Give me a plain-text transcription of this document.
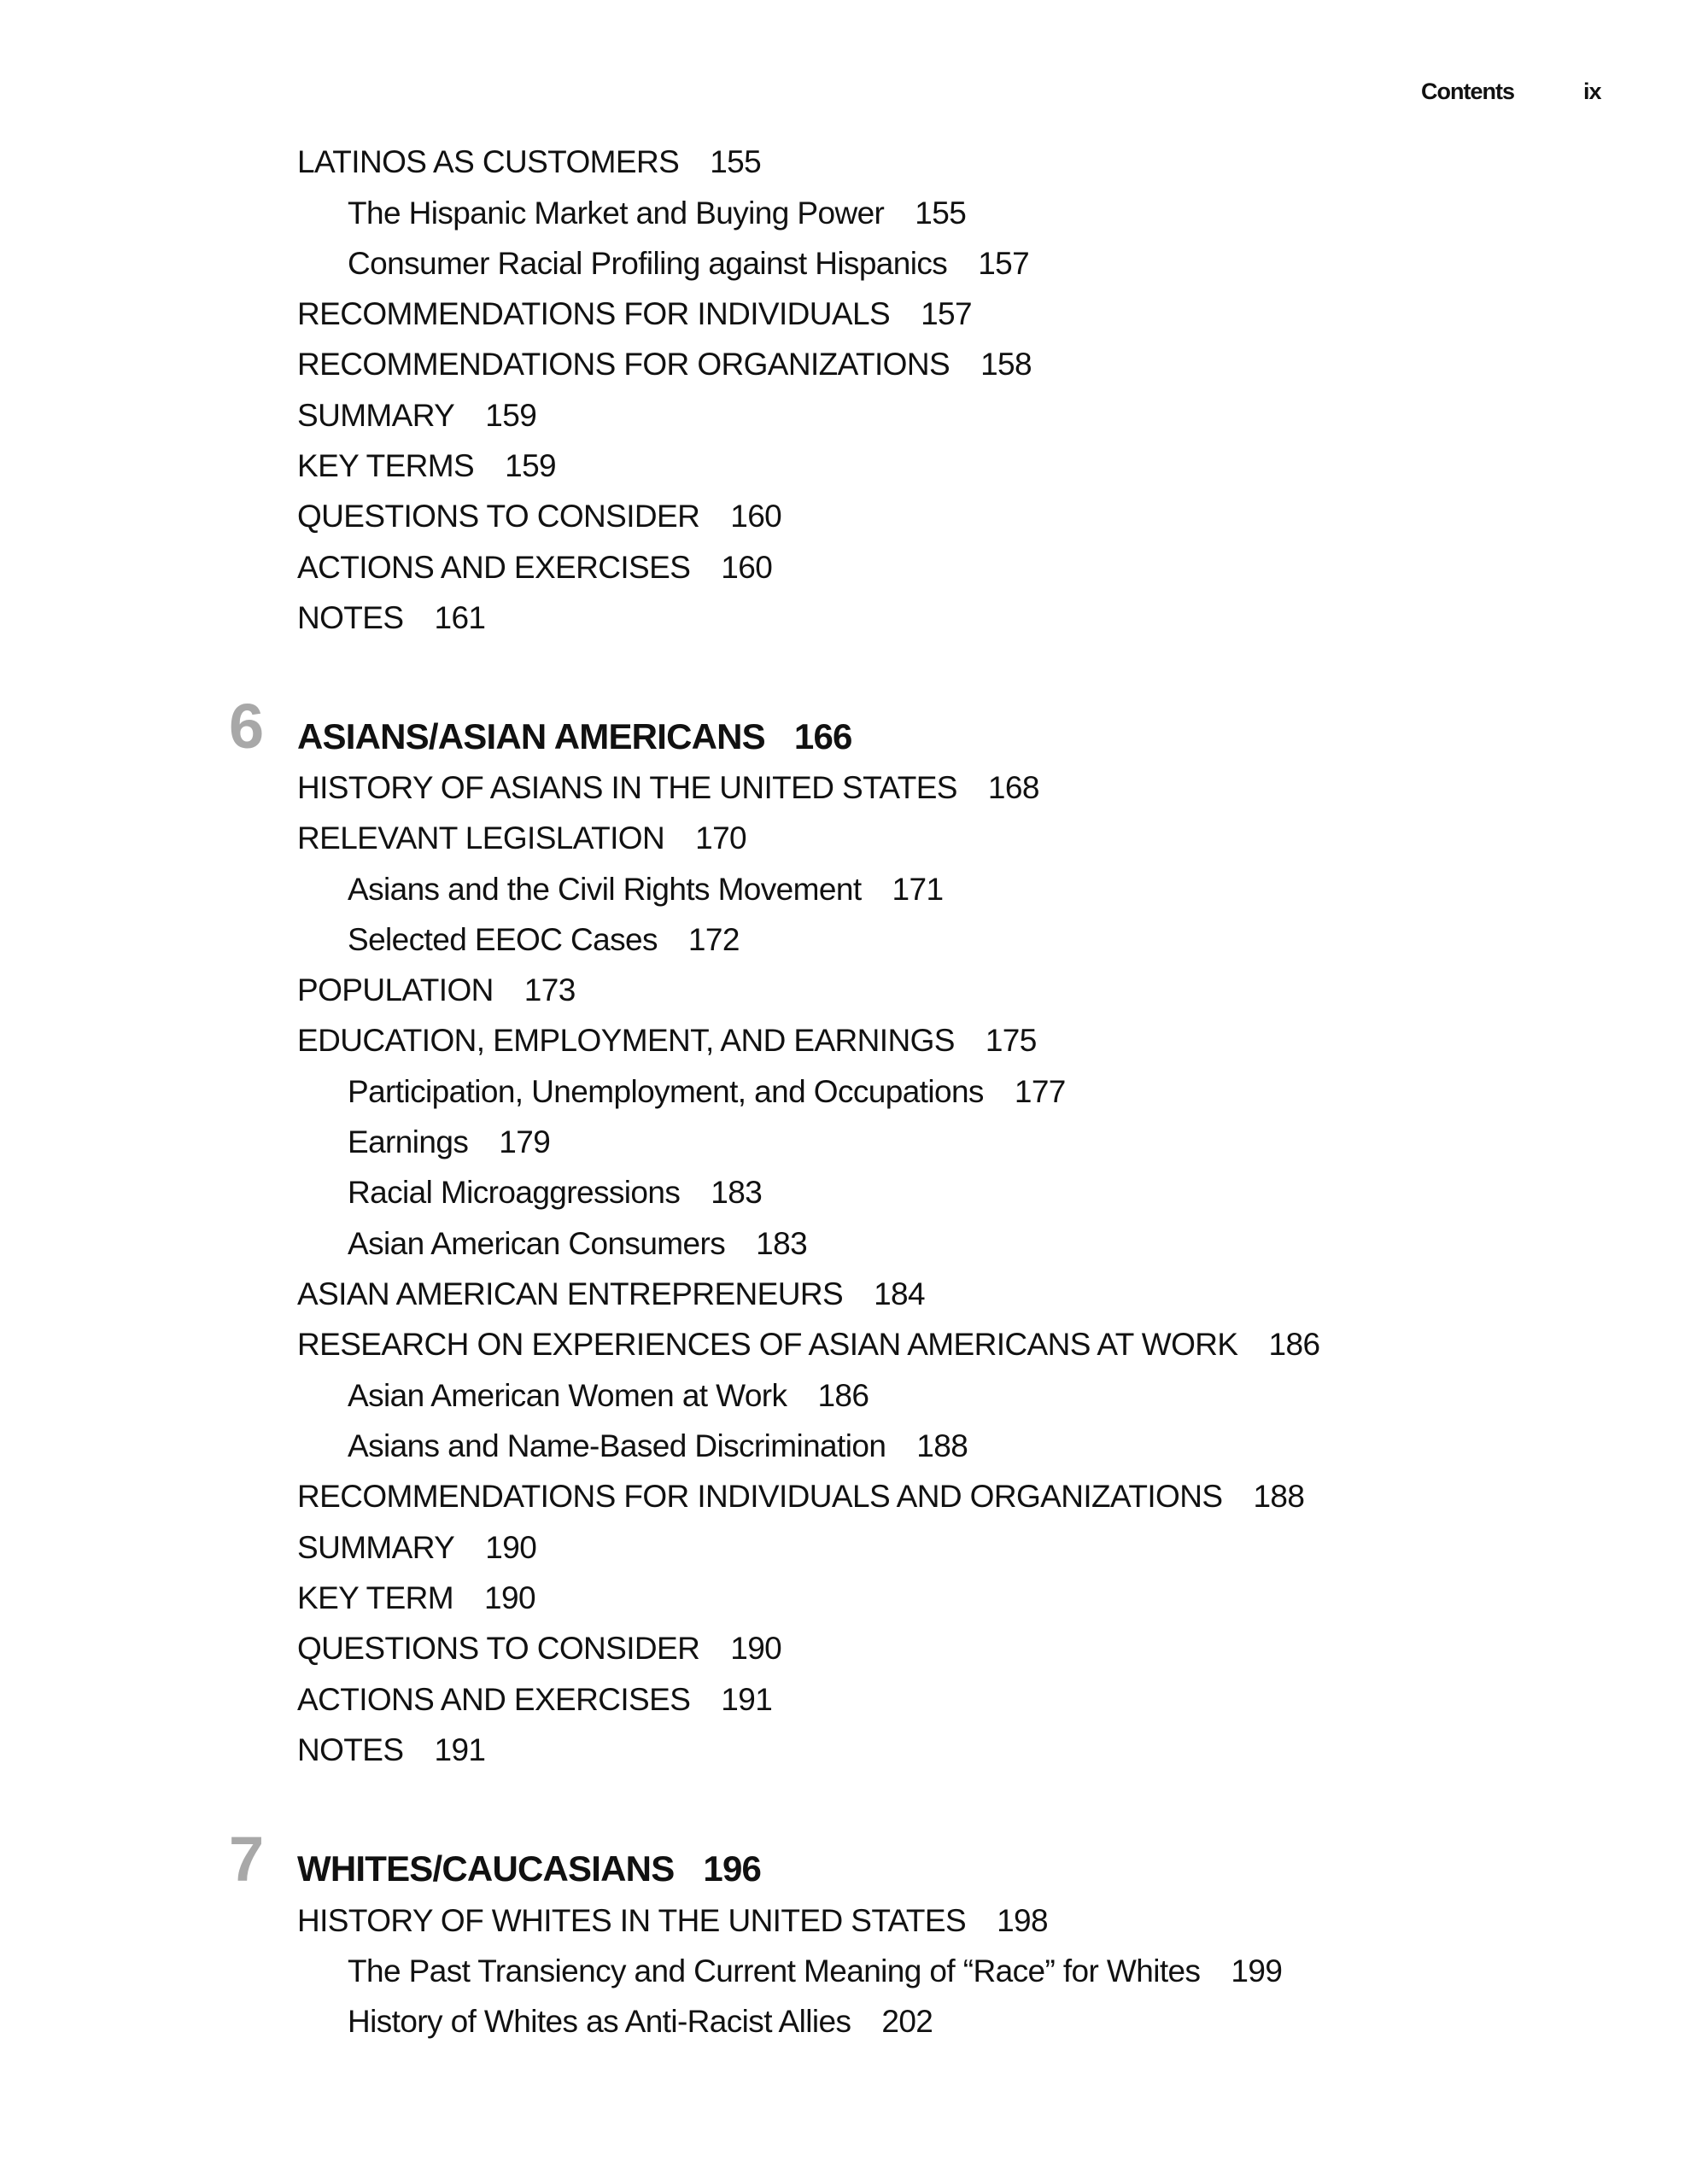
Contents	ix
LATINOS AS CUSTOMERS 155
The Hispanic Market and Buying Power 155
Consumer Racial Profiling against Hispanics 157
RECOMMENDATIONS FOR INDIVIDUALS 157
RECOMMENDATIONS FOR ORGANIZATIONS 158
SUMMARY 159
KEY TERMS 159
QUESTIONS TO CONSIDER 160
ACTIONS AND EXERCISES 160
NOTES 161
6 ASIANS/ASIAN AMERICANS 166
HISTORY OF ASIANS IN THE UNITED STATES 168
RELEVANT LEGISLATION 170
Asians and the Civil Rights Movement 171
Selected EEOC Cases 172
POPULATION 173
EDUCATION, EMPLOYMENT, AND EARNINGS 175
Participation, Unemployment, and Occupations 177
Earnings 179
Racial Microaggressions 183
Asian American Consumers 183
ASIAN AMERICAN ENTREPRENEURS 184
RESEARCH ON EXPERIENCES OF ASIAN AMERICANS AT WORK 186
Asian American Women at Work 186
Asians and Name-Based Discrimination 188
RECOMMENDATIONS FOR INDIVIDUALS AND ORGANIZATIONS 188
SUMMARY 190
KEY TERM 190
QUESTIONS TO CONSIDER 190
ACTIONS AND EXERCISES 191
NOTES 191
7 WHITES/CAUCASIANS 196
HISTORY OF WHITES IN THE UNITED STATES 198
The Past Transiency and Current Meaning of “Race” for Whites 199
History of Whites as Anti-Racist Allies 202
